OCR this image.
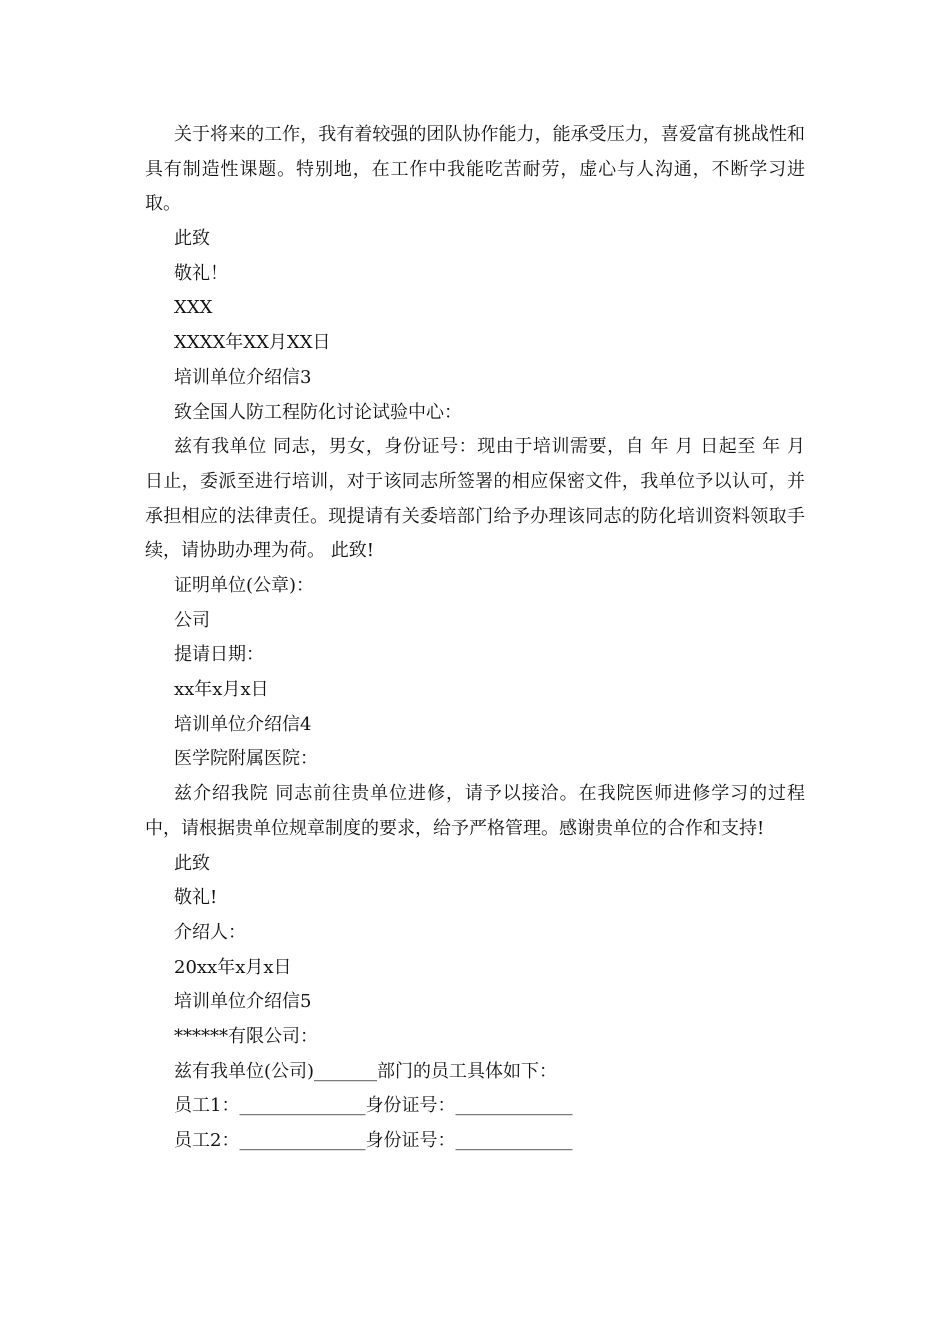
关于将来的工作，我有着较强的团队协作能力，能承受压力，喜爱富有挑战性和具有制造性课题。特别地，在工作中我能吃苦耐劳，虚心与人沟通，不断学习进取。

此致

敬礼！

XXX

XXXX年XX月XX日

培训单位介绍信3

致全国人防工程防化讨论试验中心：

兹有我单位 同志，男女，身份证号：现由于培训需要，自 年 月 日起至 年 月 日止，委派至进行培训，对于该同志所签署的相应保密文件，我单位予以认可，并承担相应的法律责任。现提请有关委培部门给予办理该同志的防化培训资料领取手续，请协助办理为荷。 此致!

证明单位(公章)：

公司

提请日期：

xx年x月x日

培训单位介绍信4

医学院附属医院：

兹介绍我院 同志前往贵单位进修，请予以接洽。在我院医师进修学习的过程中，请根据贵单位规章制度的要求，给予严格管理。感谢贵单位的合作和支持!

此致

敬礼!

介绍人：

20xx年x月x日

培训单位介绍信5

******有限公司：

兹有我单位(公司)_______部门的员工具体如下：

员工1：______________身份证号：_____________

员工2：______________身份证号：_____________
